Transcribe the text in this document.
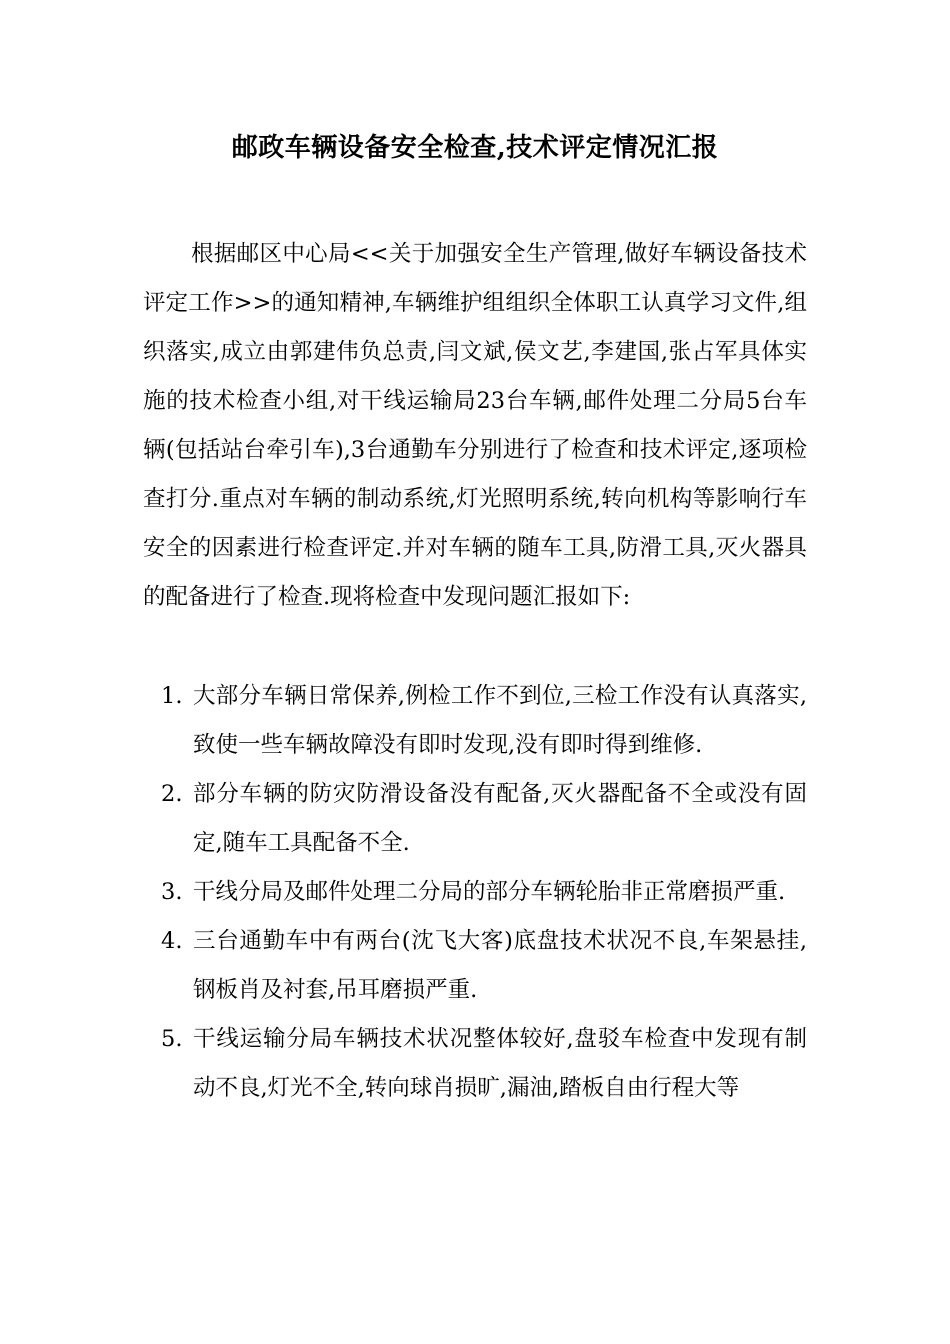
邮政车辆设备安全检查,技术评定情况汇报

根据邮区中心局<<关于加强安全生产管理,做好车辆设备技术评定工作>>的通知精神,车辆维护组组织全体职工认真学习文件,组织落实,成立由郭建伟负总责,闫文斌,侯文艺,李建国,张占军具体实施的技术检查小组,对干线运输局23台车辆,邮件处理二分局5台车辆(包括站台牵引车),3台通勤车分别进行了检查和技术评定,逐项检查打分.重点对车辆的制动系统,灯光照明系统,转向机构等影响行车安全的因素进行检查评定.并对车辆的随车工具,防滑工具,灭火器具的配备进行了检查.现将检查中发现问题汇报如下:

1. 大部分车辆日常保养,例检工作不到位,三检工作没有认真落实,致使一些车辆故障没有即时发现,没有即时得到维修.
2. 部分车辆的防灾防滑设备没有配备,灭火器配备不全或没有固定,随车工具配备不全.
3. 干线分局及邮件处理二分局的部分车辆轮胎非正常磨损严重.
4. 三台通勤车中有两台(沈飞大客)底盘技术状况不良,车架悬挂,钢板肖及衬套,吊耳磨损严重.
5. 干线运输分局车辆技术状况整体较好,盘驳车检查中发现有制动不良,灯光不全,转向球肖损旷,漏油,踏板自由行程大等
